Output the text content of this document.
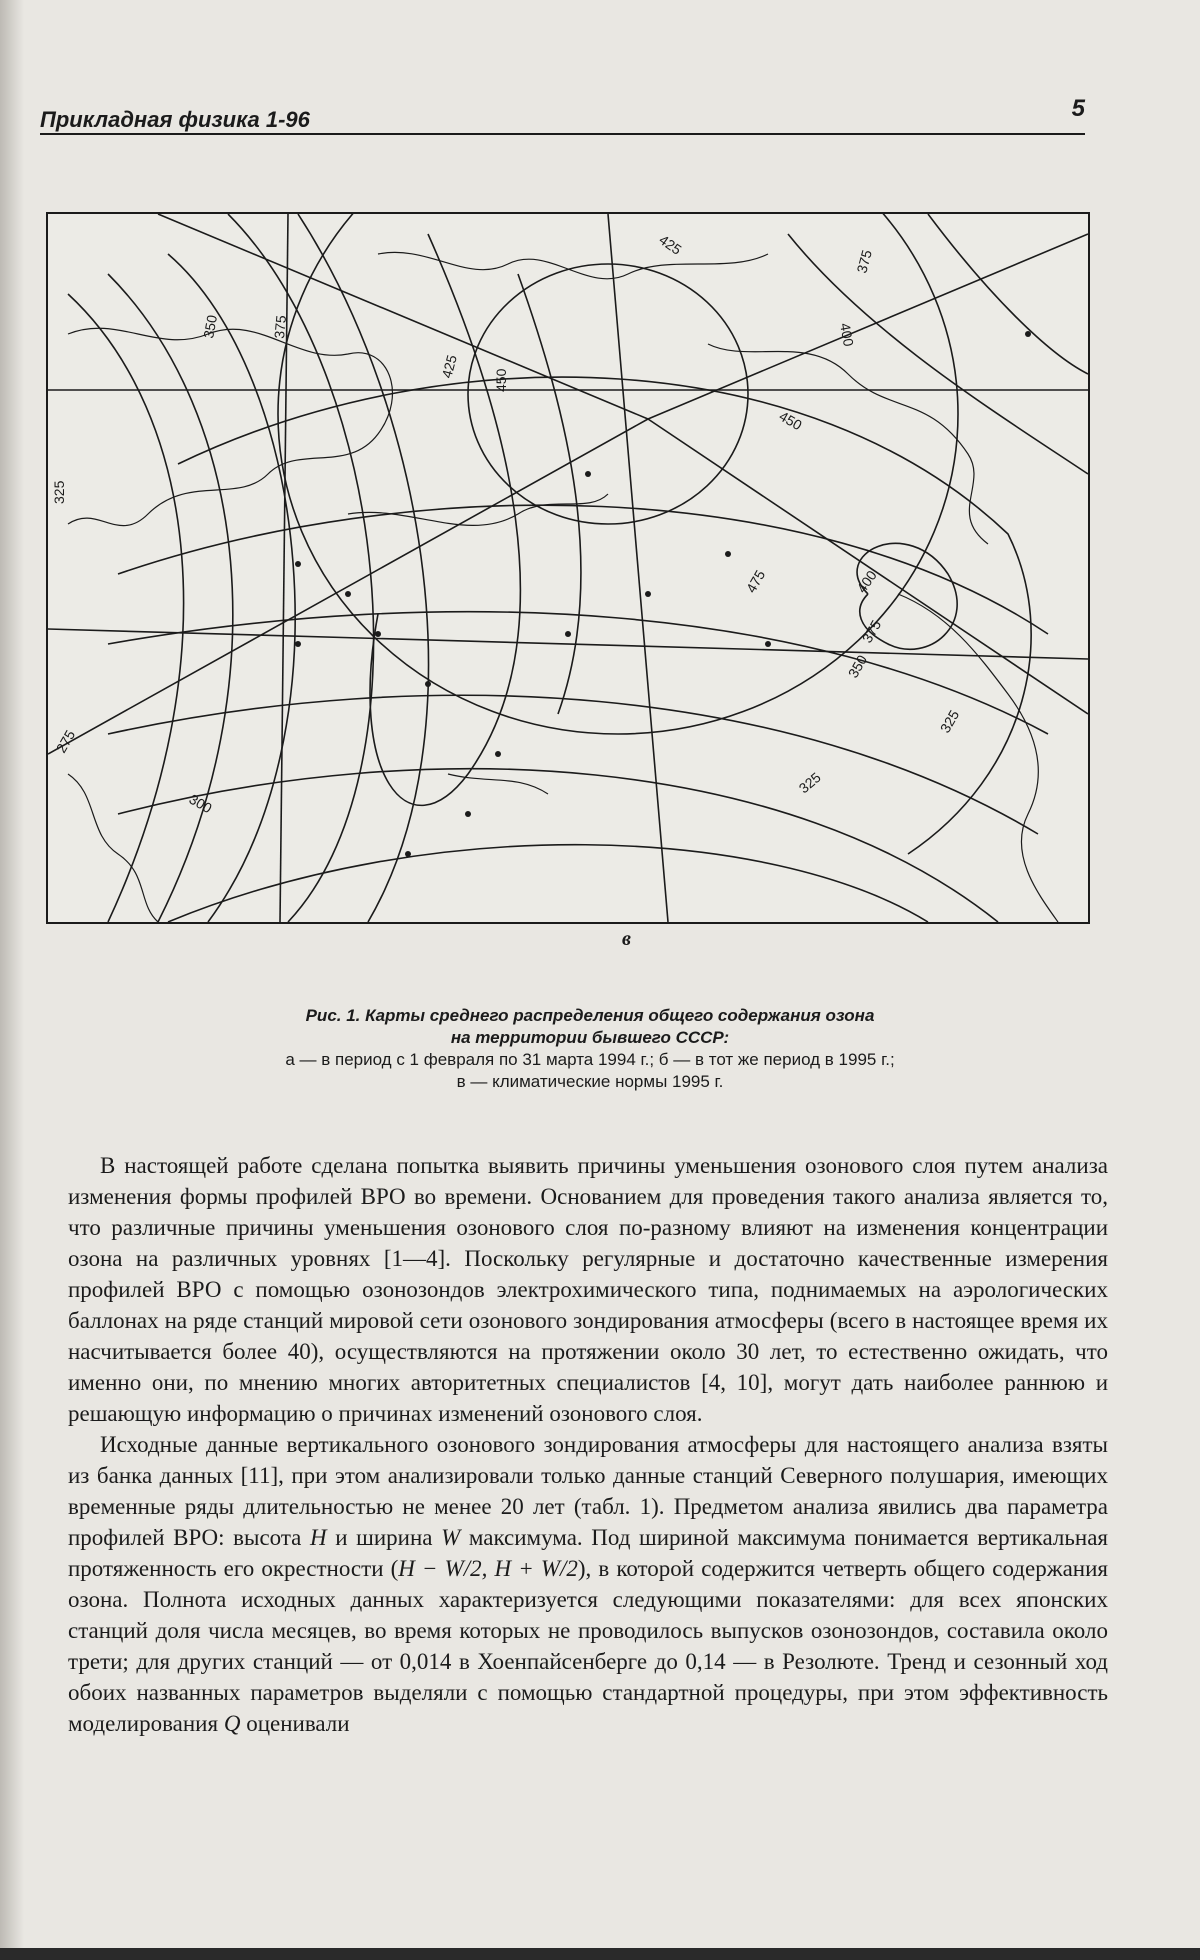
Прикладная физика 1-96	5
425
375
400
350	375
425
450
450
325
400
475
375
350
325
325
275
300
в
Рис. 1. Карты среднего распределения общего содержания озона
на территории бывшего СССР:
а — в период с 1 февраля по 31 марта 1994 г.; б — в тот же период в 1995 г.;
в — климатические нормы 1995 г.

В настоящей работе сделана попытка выявить причины уменьшения озонового слоя путем анализа изменения формы профилей ВРО во времени. Основанием для проведения такого анализа является то, что различные причины уменьшения озонового слоя по-разному влияют на изменения концентрации озона на различных уровнях [1—4]. Поскольку регулярные и достаточно качественные измерения профилей ВРО с помощью озонозондов электрохимического типа, поднимаемых на аэрологических баллонах на ряде станций мировой сети озонового зондирования атмосферы (всего в настоящее время их насчитывается более 40), осуществляются на протяжении около 30 лет, то естественно ожидать, что именно они, по мнению многих авторитетных специалистов [4, 10], могут дать наиболее раннюю и решающую информацию о причинах изменений озонового слоя.

Исходные данные вертикального озонового зондирования атмосферы для настоящего анализа взяты из банка данных [11], при этом анализировали только данные станций Северного полушария, имеющих временные ряды длительностью не менее 20 лет (табл. 1). Предметом анализа явились два параметра профилей ВРО: высота H и ширина W максимума. Под шириной максимума понимается вертикальная протяженность его окрестности (H − W/2, H + W/2), в которой содержится четверть общего содержания озона. Полнота исходных данных характеризуется следующими показателями: для всех японских станций доля числа месяцев, во время которых не проводилось выпусков озонозондов, составила около трети; для других станций — от 0,014 в Хоенпайсенберге до 0,14 — в Резолюте. Тренд и сезонный ход обоих названных параметров выделяли с помощью стандартной процедуры, при этом эффективность моделирования Q оценивали
